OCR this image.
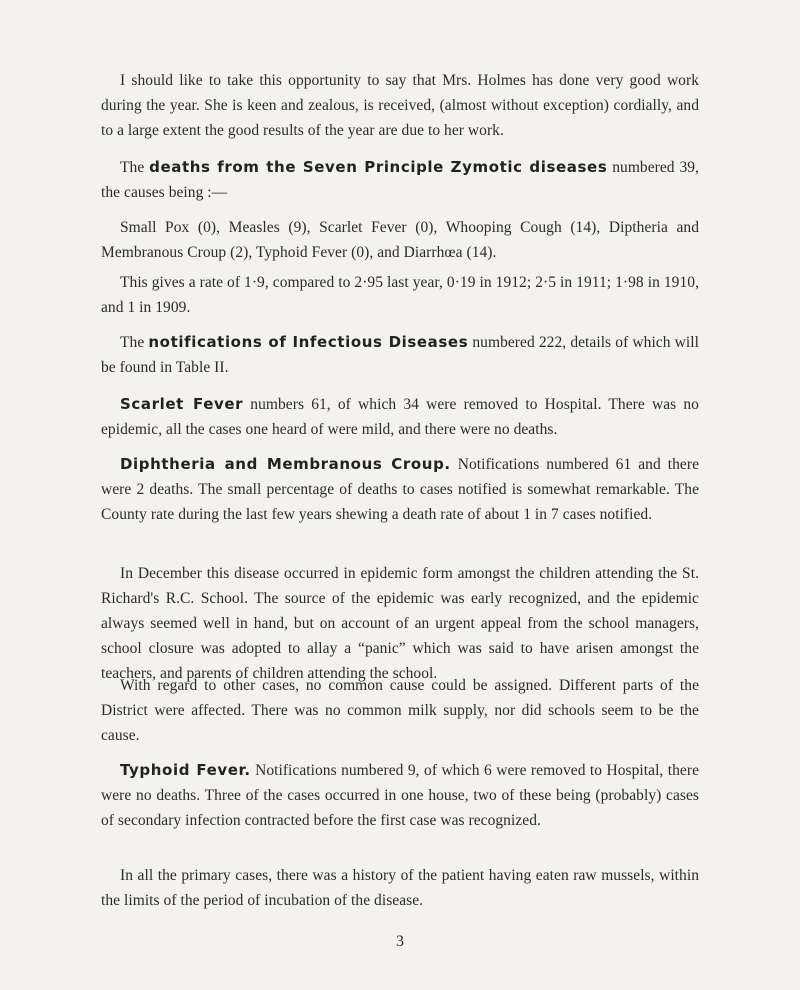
I should like to take this opportunity to say that Mrs. Holmes has done very good work during the year. She is keen and zealous, is received, (almost without exception) cordially, and to a large extent the good results of the year are due to her work.

The deaths from the Seven Principle Zymotic diseases numbered 39, the causes being :—

Small Pox (0), Measles (9), Scarlet Fever (0), Whooping Cough (14), Diptheria and Membranous Croup (2), Typhoid Fever (0), and Diarrhœa (14).

This gives a rate of 1·9, compared to 2·95 last year, 0·19 in 1912; 2·5 in 1911; 1·98 in 1910, and 1 in 1909.

The notifications of Infectious Diseases numbered 222, details of which will be found in Table II.

Scarlet Fever numbers 61, of which 34 were removed to Hospital. There was no epidemic, all the cases one heard of were mild, and there were no deaths.

Diphtheria and Membranous Croup. Notifications numbered 61 and there were 2 deaths. The small percentage of deaths to cases notified is somewhat remarkable. The County rate during the last few years shewing a death rate of about 1 in 7 cases notified.

In December this disease occurred in epidemic form amongst the children attending the St. Richard's R.C. School. The source of the epidemic was early recognized, and the epidemic always seemed well in hand, but on account of an urgent appeal from the school managers, school closure was adopted to allay a “panic” which was said to have arisen amongst the teachers, and parents of children attending the school.

With regard to other cases, no common cause could be assigned. Different parts of the District were affected. There was no common milk supply, nor did schools seem to be the cause.

Typhoid Fever. Notifications numbered 9, of which 6 were removed to Hospital, there were no deaths. Three of the cases occurred in one house, two of these being (probably) cases of secondary infection contracted before the first case was recognized.

In all the primary cases, there was a history of the patient having eaten raw mussels, within the limits of the period of incubation of the disease.

3
